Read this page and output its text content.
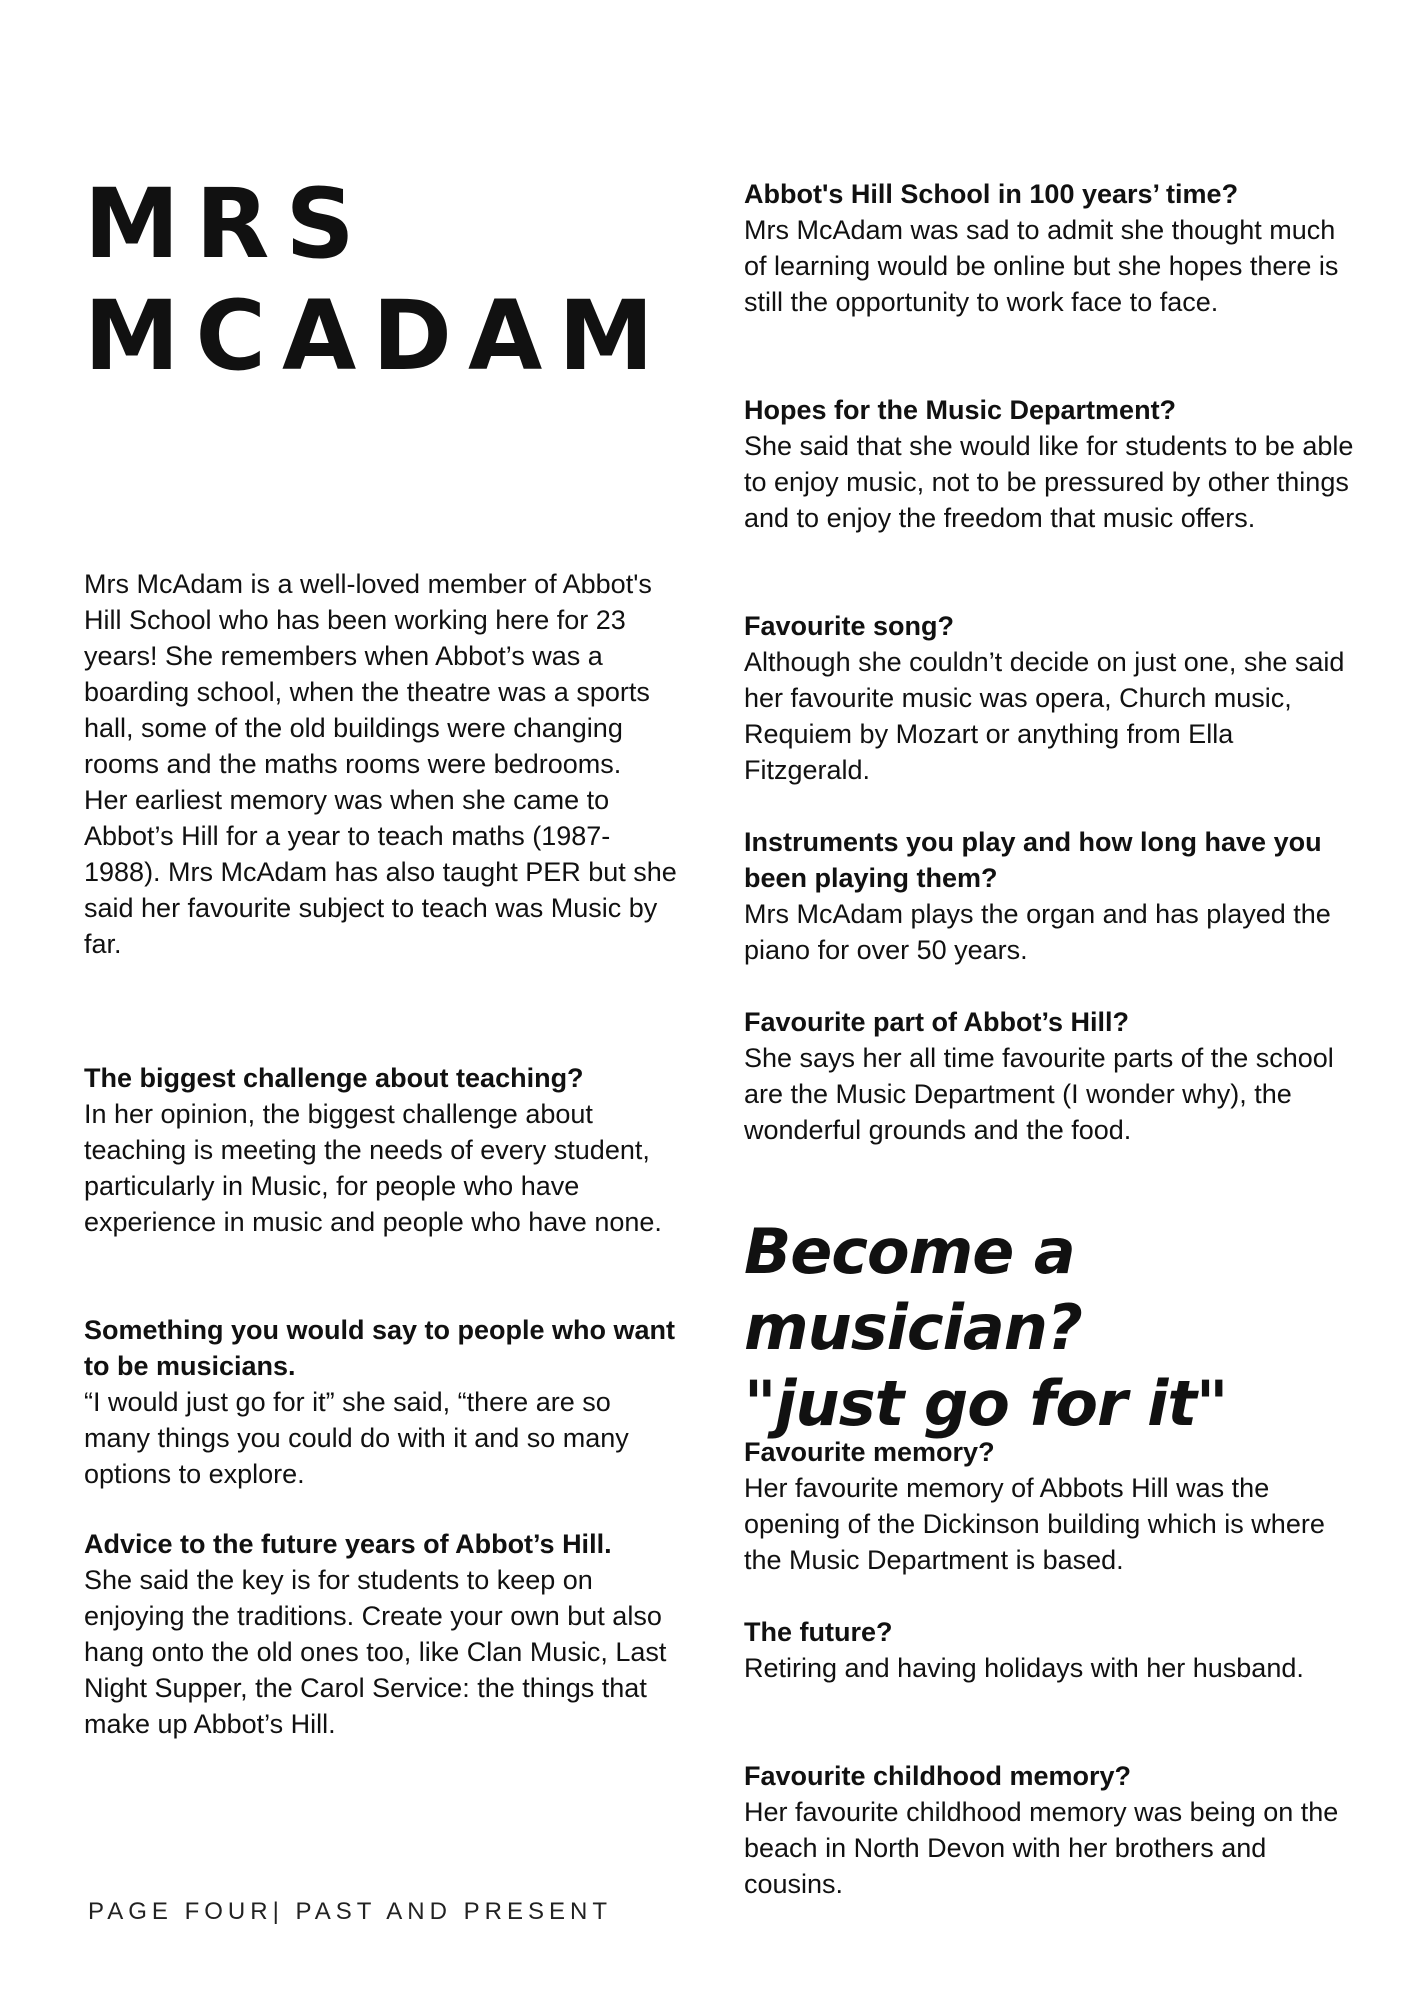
MRS
MCADAM

Mrs McAdam is a well-loved member of Abbot's Hill School who has been working here for 23 years! She remembers when Abbot’s was a boarding school, when the theatre was a sports hall, some of the old buildings were changing rooms and the maths rooms were bedrooms.

Her earliest memory was when she came to Abbot’s Hill for a year to teach maths (1987-1988). Mrs McAdam has also taught PER but she said her favourite subject to teach was Music by far.

The biggest challenge about teaching?

In her opinion, the biggest challenge about teaching is meeting the needs of every student, particularly in Music, for people who have experience in music and people who have none.

Something you would say to people who want to be musicians.

“I would just go for it” she said, “there are so many things you could do with it and so many options to explore.

Advice to the future years of Abbot’s Hill.

She said the key is for students to keep on enjoying the traditions. Create your own but also hang onto the old ones too, like Clan Music, Last Night Supper, the Carol Service: the things that make up Abbot’s Hill.

Abbot's Hill School in 100 years’ time?

Mrs McAdam was sad to admit she thought much of learning would be online but she hopes there is still the opportunity to work face to face.

Hopes for the Music Department?

She said that she would like for students to be able to enjoy music, not to be pressured by other things and to enjoy the freedom that music offers.

Favourite song?

Although she couldn’t decide on just one, she said her favourite music was opera, Church music, Requiem by Mozart or anything from Ella Fitzgerald.

Instruments you play and how long have you been playing them?

Mrs McAdam plays the organ and has played the piano for over 50 years.

Favourite part of Abbot’s Hill?

She says her all time favourite parts of the school are the Music Department (I wonder why), the wonderful grounds and the food.

Become a musician?
"just go for it"

Favourite memory?

Her favourite memory of Abbots Hill was the opening of the Dickinson building which is where the Music Department is based.

The future?

Retiring and having holidays with her husband.

Favourite childhood memory?

Her favourite childhood memory was being on the beach in North Devon with her brothers and cousins.

PAGE FOUR| PAST AND PRESENT
